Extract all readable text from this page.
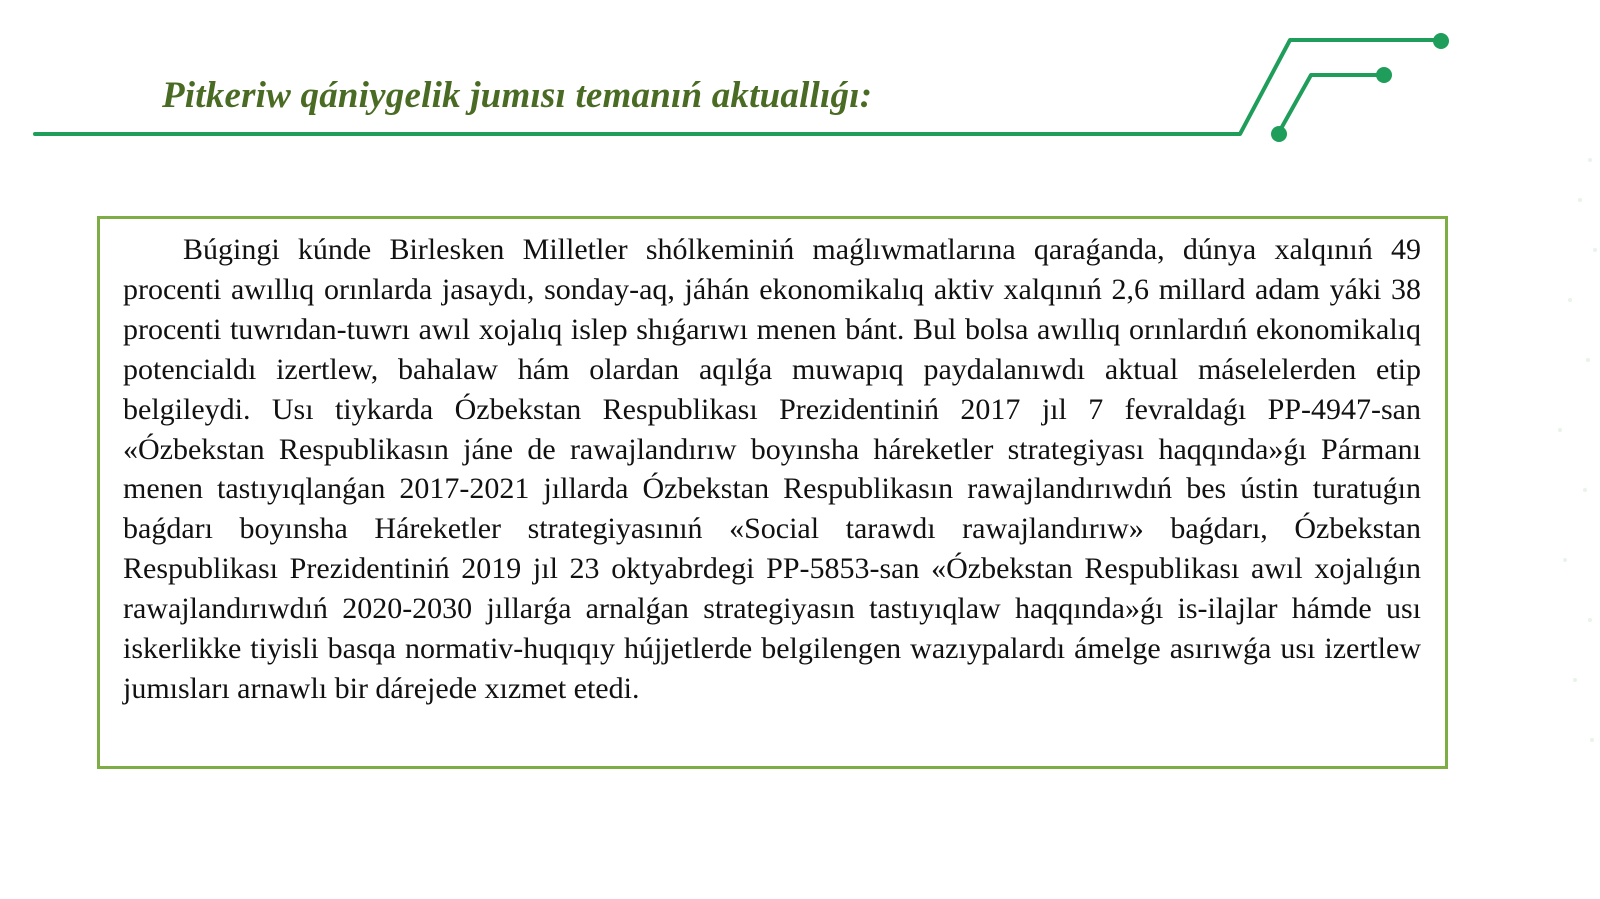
Pitkeriw qániygelik jumısı temanıń aktuallıǵı:

Búgingi kúnde Birlesken Milletler shólkeminiń maǵlıwmatlarına qaraǵanda, dúnya xalqınıń 49 procenti awıllıq orınlarda jasaydı, sonday-aq, jáhán ekonomikalıq aktiv xalqınıń 2,6 millard adam yáki 38 procenti tuwrıdan-tuwrı awıl xojalıq islep shıǵarıwı menen bánt. Bul bolsa awıllıq orınlardıń ekonomikalıq potencialdı izertlew, bahalaw hám olardan aqılǵa muwapıq paydalanıwdı aktual máselelerden etip belgileydi. Usı tiykarda Ózbekstan Respublikası Prezidentiniń 2017 jıl 7 fevraldaǵı PP-4947-san «Ózbekstan Respublikasın jáne de rawajlandırıw boyınsha háreketler strategiyası haqqında»ǵı Pármanı menen tastıyıqlanǵan 2017-2021 jıllarda Ózbekstan Respublikasın rawajlandırıwdıń bes ústin turatuǵın baǵdarı boyınsha Háreketler strategiyasınıń «Social tarawdı rawajlandırıw» baǵdarı, Ózbekstan Respublikası Prezidentiniń 2019 jıl 23 oktyabrdegi PP-5853-san «Ózbekstan Respublikası awıl xojalıǵın rawajlandırıwdıń 2020-2030 jıllarǵa arnalǵan strategiyasın tastıyıqlaw haqqında»ǵı is-ilajlar hámde usı iskerlikke tiyisli basqa normativ-huqıqıy hújjetlerde belgilengen wazıypalardı ámelge asırıwǵa usı izertlew jumısları arnawlı bir dárejede xızmet etedi.
